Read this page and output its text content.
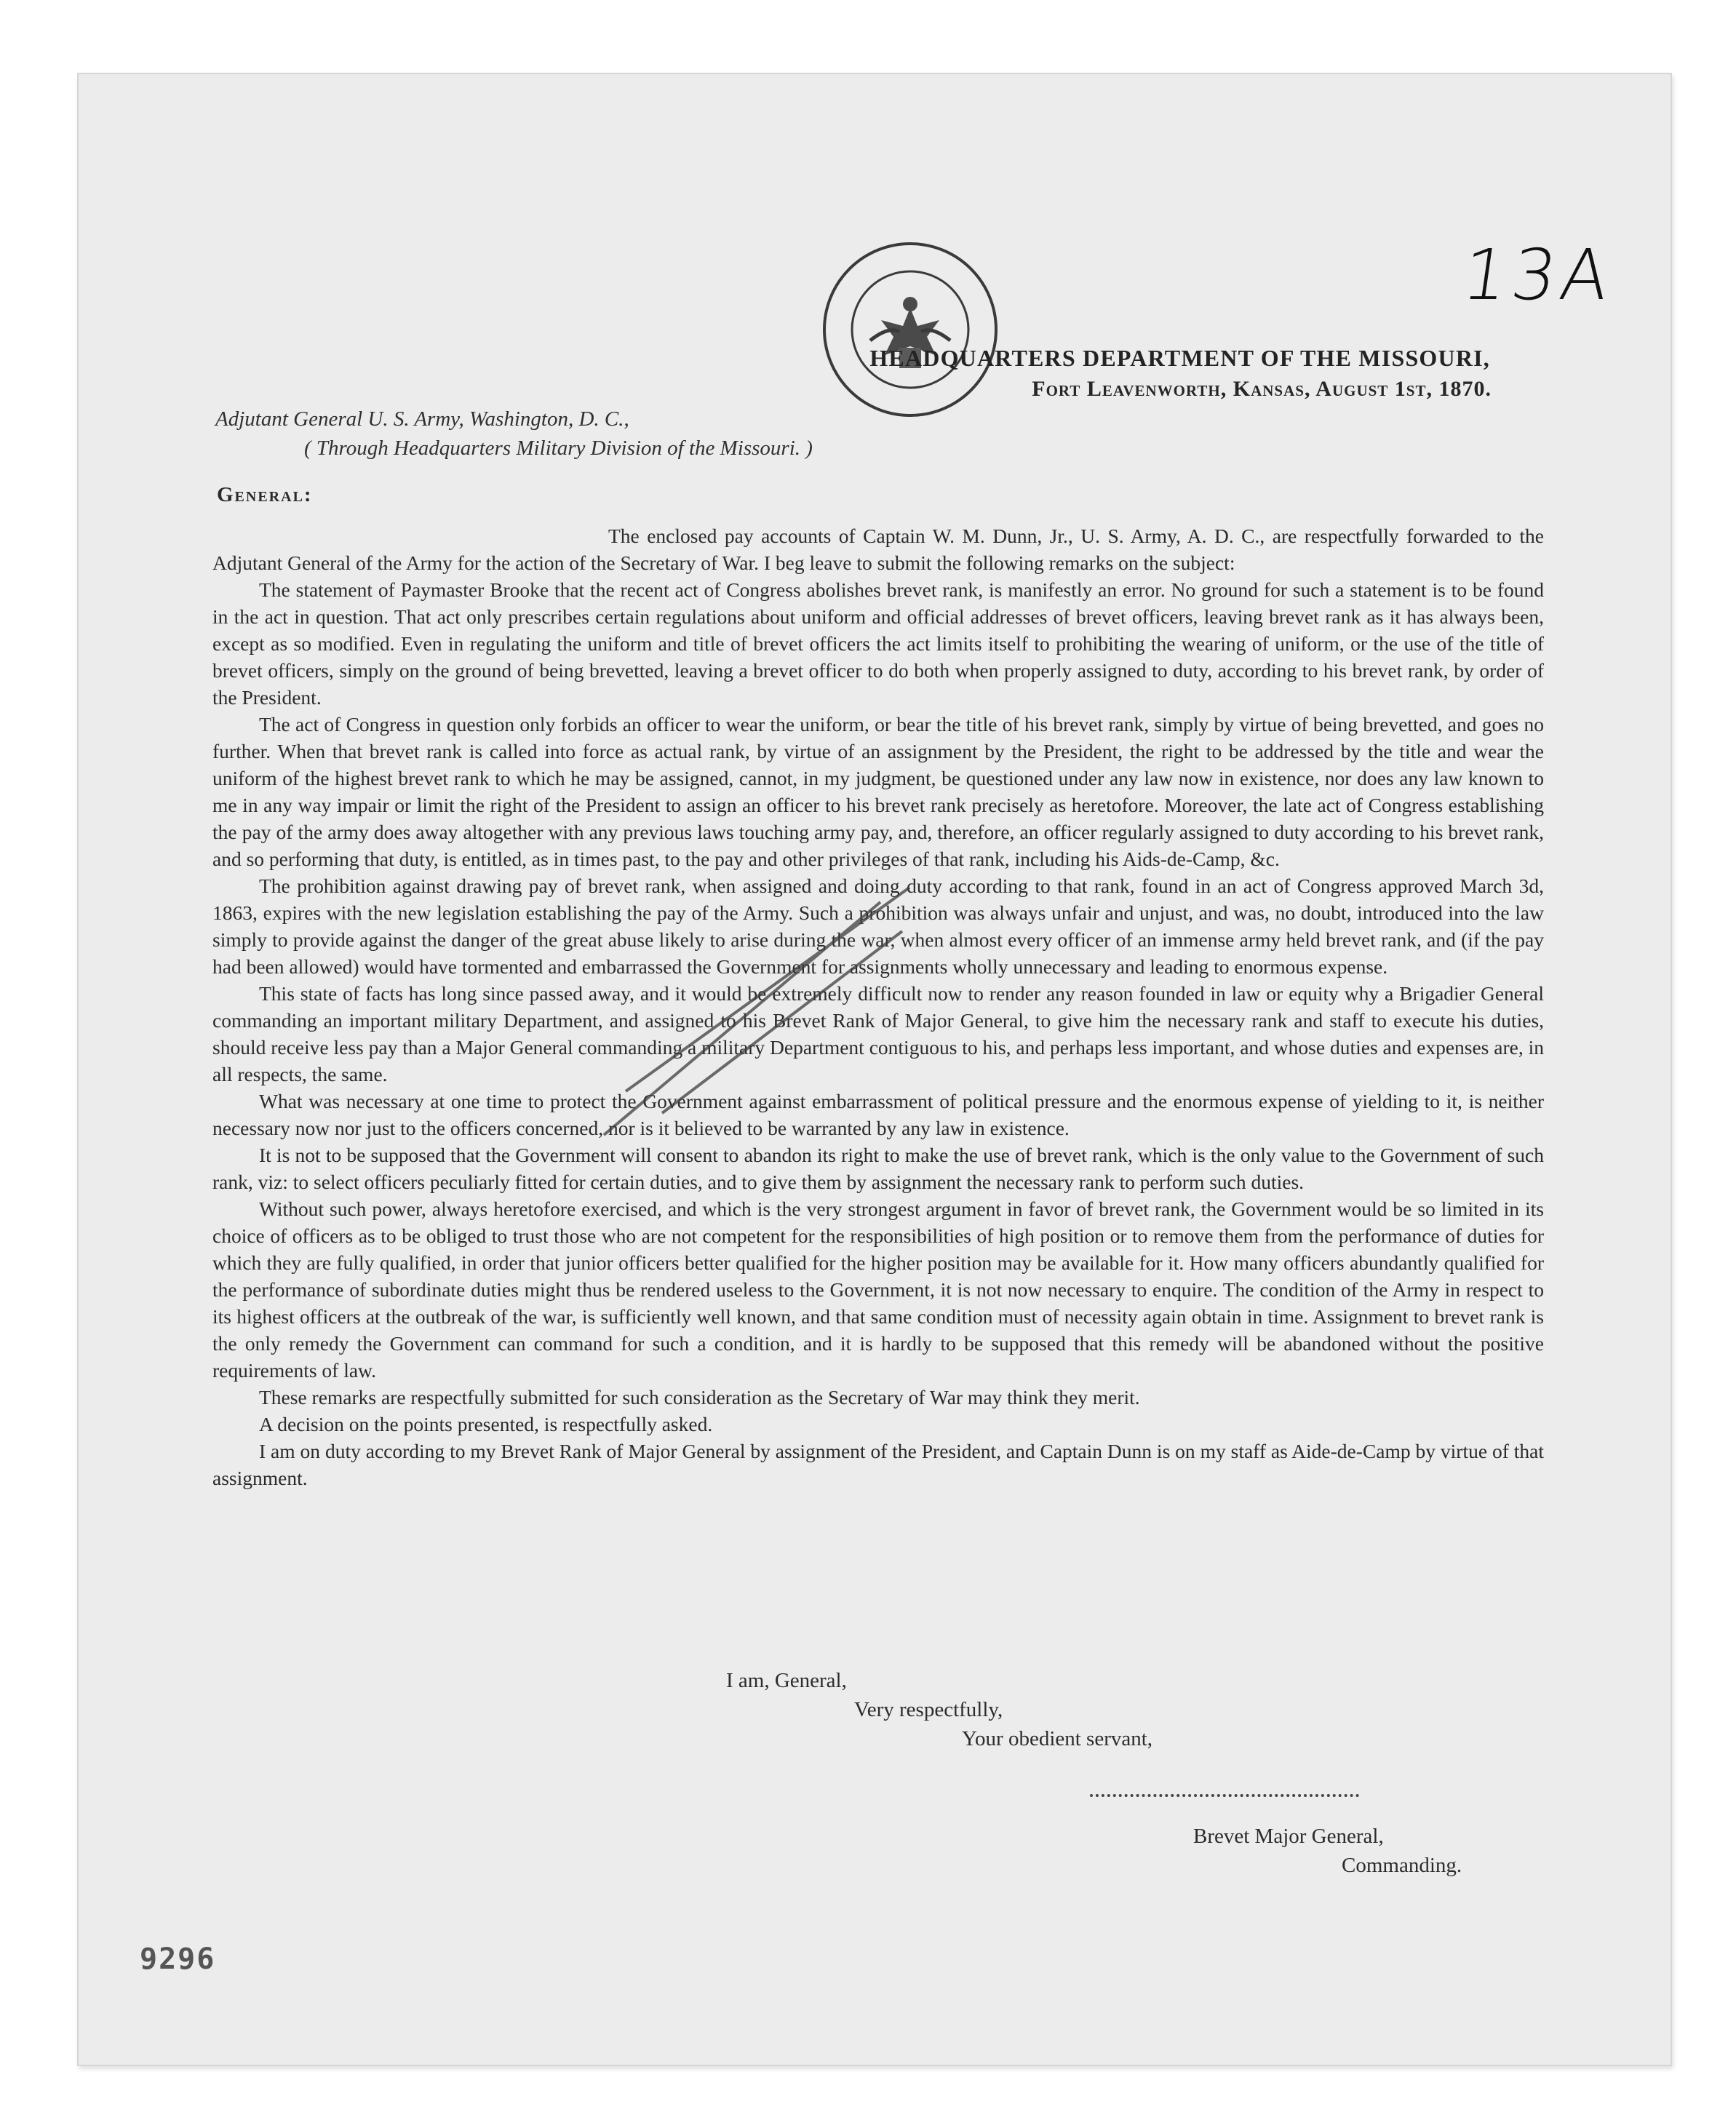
13A
HEADQUARTERS DEPARTMENT OF THE MISSOURI,
Fort Leavenworth, Kansas, August 1st, 1870.
Adjutant General U. S. Army, Washington, D. C.,
( Through Headquarters Military Division of the Missouri. )
General:

The enclosed pay accounts of Captain W. M. Dunn, Jr., U. S. Army, A. D. C., are respectfully forwarded to the Adjutant General of the Army for the action of the Secretary of War. I beg leave to submit the following remarks on the subject:

The statement of Paymaster Brooke that the recent act of Congress abolishes brevet rank, is manifestly an error. No ground for such a statement is to be found in the act in question. That act only prescribes certain regulations about uniform and official addresses of brevet officers, leaving brevet rank as it has always been, except as so modified. Even in regulating the uniform and title of brevet officers the act limits itself to prohibiting the wearing of uniform, or the use of the title of brevet officers, simply on the ground of being brevetted, leaving a brevet officer to do both when properly assigned to duty, according to his brevet rank, by order of the President.

The act of Congress in question only forbids an officer to wear the uniform, or bear the title of his brevet rank, simply by virtue of being brevetted, and goes no further. When that brevet rank is called into force as actual rank, by virtue of an assignment by the President, the right to be addressed by the title and wear the uniform of the highest brevet rank to which he may be assigned, cannot, in my judgment, be questioned under any law now in existence, nor does any law known to me in any way impair or limit the right of the President to assign an officer to his brevet rank precisely as heretofore. Moreover, the late act of Congress establishing the pay of the army does away altogether with any previous laws touching army pay, and, therefore, an officer regularly assigned to duty according to his brevet rank, and so performing that duty, is entitled, as in times past, to the pay and other privileges of that rank, including his Aids-de-Camp, &c.

The prohibition against drawing pay of brevet rank, when assigned and doing duty according to that rank, found in an act of Congress approved March 3d, 1863, expires with the new legislation establishing the pay of the Army. Such a prohibition was always unfair and unjust, and was, no doubt, introduced into the law simply to provide against the danger of the great abuse likely to arise during the war, when almost every officer of an immense army held brevet rank, and (if the pay had been allowed) would have tormented and embarrassed the Government for assignments wholly unnecessary and leading to enormous expense.

This state of facts has long since passed away, and it would be extremely difficult now to render any reason founded in law or equity why a Brigadier General commanding an important military Department, and assigned to his Brevet Rank of Major General, to give him the necessary rank and staff to execute his duties, should receive less pay than a Major General commanding a military Department contiguous to his, and perhaps less important, and whose duties and expenses are, in all respects, the same.

What was necessary at one time to protect the Government against embarrassment of political pressure and the enormous expense of yielding to it, is neither necessary now nor just to the officers concerned, nor is it believed to be warranted by any law in existence.

It is not to be supposed that the Government will consent to abandon its right to make the use of brevet rank, which is the only value to the Government of such rank, viz: to select officers peculiarly fitted for certain duties, and to give them by assignment the necessary rank to perform such duties.

Without such power, always heretofore exercised, and which is the very strongest argument in favor of brevet rank, the Government would be so limited in its choice of officers as to be obliged to trust those who are not competent for the responsibilities of high position or to remove them from the performance of duties for which they are fully qualified, in order that junior officers better qualified for the higher position may be available for it. How many officers abundantly qualified for the performance of subordinate duties might thus be rendered useless to the Government, it is not now necessary to enquire. The condition of the Army in respect to its highest officers at the outbreak of the war, is sufficiently well known, and that same condition must of necessity again obtain in time. Assignment to brevet rank is the only remedy the Government can command for such a condition, and it is hardly to be supposed that this remedy will be abandoned without the positive requirements of law.

These remarks are respectfully submitted for such consideration as the Secretary of War may think they merit.

A decision on the points presented, is respectfully asked.

I am on duty according to my Brevet Rank of Major General by assignment of the President, and Captain Dunn is on my staff as Aide-de-Camp by virtue of that assignment.

I am, General,
Very respectfully,
Your obedient servant,
Brevet Major General,
Commanding.
9296
